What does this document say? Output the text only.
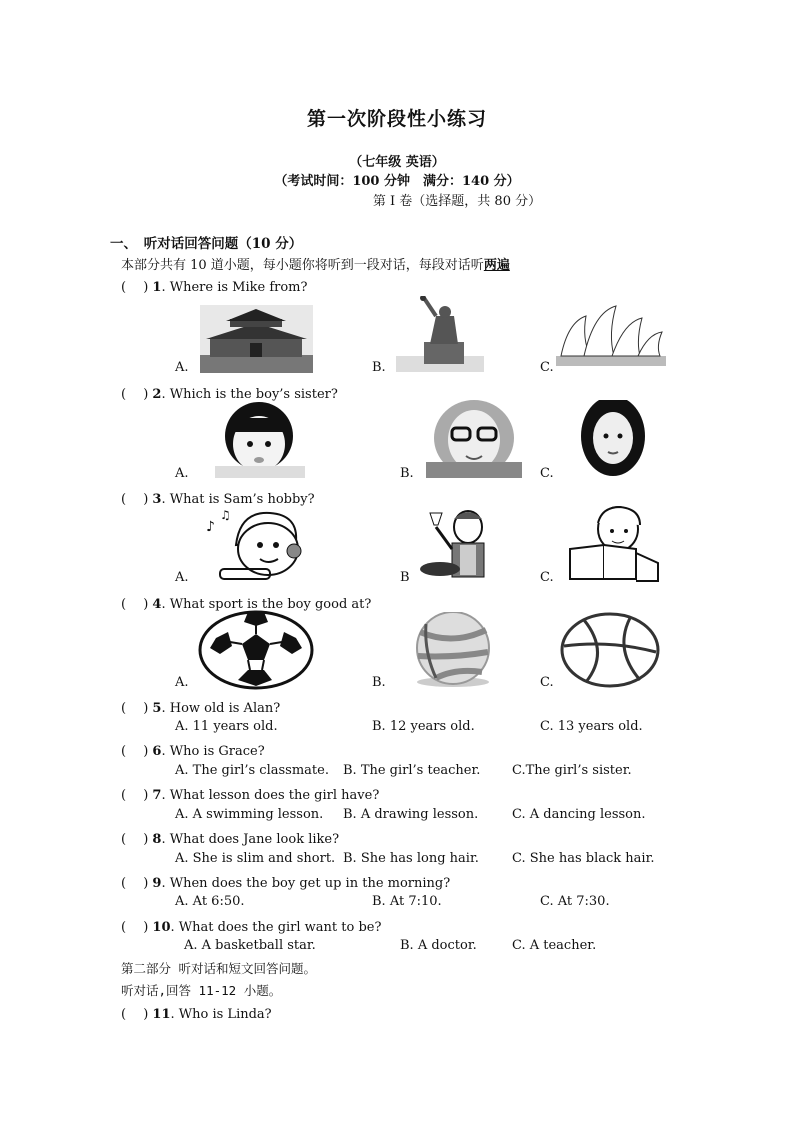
第一次阶段性小练习
（七年级 英语）
（考试时间：100 分钟　满分：140 分）
第 I 卷（选择题，共 80 分）
一、　听对话回答问题（10 分）
本部分共有 10 道小题，每小题你将听到一段对话，每段对话听两遍
(　 ) 1. Where is Mike from?
A.	B.	C.
(　 ) 2. Which is the boy’s sister?
A.	B.	C.
(　 ) 3. What is Sam’s hobby?
A.	B	C.
♪
♫
(　 ) 4. What sport is the boy good at?
A.	B.	C.
(　 ) 5. How old is Alan?
A. 11 years old.	B. 12 years old.	C. 13 years old.
(　 ) 6. Who is Grace?
A. The girl’s classmate. B. The girl’s teacher. C.The girl’s sister.
(　 ) 7. What lesson does the girl have?
A. A swimming lesson. B. A drawing lesson.	C. A dancing lesson.
(　 ) 8. What does Jane look like?
A. She is slim and short. B. She has long hair.	C. She has black hair.
(　 ) 9. When does the boy get up in the morning?
A. At 6:50.	B. At 7:10.	C. At 7:30.
(　 ) 10. What does the girl want to be?
A. A basketball star.	B. A doctor.	C. A teacher.
第二部分 听对话和短文回答问题。
听对话,回答 11-12 小题。
(　 ) 11. Who is Linda?
